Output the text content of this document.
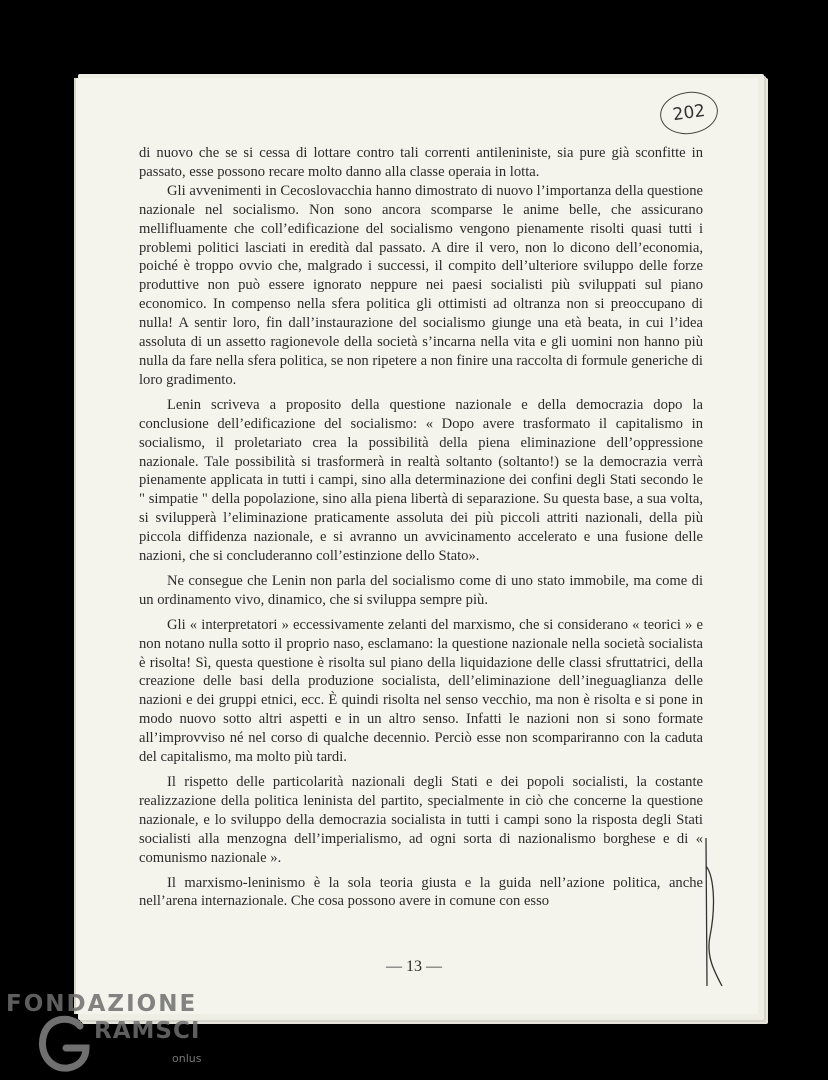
202

di nuovo che se si cessa di lottare contro tali correnti antileniniste, sia pure già sconfitte in passato, esse possono recare molto danno alla classe operaia in lotta.

Gli avvenimenti in Cecoslovacchia hanno dimostrato di nuovo l’importanza della questione nazionale nel socialismo. Non sono ancora scomparse le anime belle, che assicurano mellifluamente che coll’edificazione del socialismo vengono pienamente risolti quasi tutti i problemi politici lasciati in eredità dal passato. A dire il vero, non lo dicono dell’economia, poiché è troppo ovvio che, malgrado i successi, il compito dell’ulteriore sviluppo delle forze produttive non può essere ignorato neppure nei paesi socialisti più sviluppati sul piano economico. In compenso nella sfera politica gli ottimisti ad oltranza non si preoccupano di nulla! A sentir loro, fin dall’instaurazione del socialismo giunge una età beata, in cui l’idea assoluta di un assetto ragionevole della società s’incarna nella vita e gli uomini non hanno più nulla da fare nella sfera politica, se non ripetere a non finire una raccolta di formule generiche di loro gradimento.

Lenin scriveva a proposito della questione nazionale e della democrazia dopo la conclusione dell’edificazione del socialismo: « Dopo avere trasformato il capitalismo in socialismo, il proletariato crea la possibilità della piena eliminazione dell’oppressione nazionale. Tale possibilità si trasformerà in realtà soltanto (soltanto!) se la democrazia verrà pienamente applicata in tutti i campi, sino alla determinazione dei confini degli Stati secondo le " simpatie " della popolazione, sino alla piena libertà di separazione. Su questa base, a sua volta, si svilupperà l’eliminazione praticamente assoluta dei più piccoli attriti nazionali, della più piccola diffidenza nazionale, e si avranno un avvicinamento accelerato e una fusione delle nazioni, che si concluderanno coll’estinzione dello Stato».

Ne consegue che Lenin non parla del socialismo come di uno stato immobile, ma come di un ordinamento vivo, dinamico, che si sviluppa sempre più.

Gli « interpretatori » eccessivamente zelanti del marxismo, che si considerano « teorici » e non notano nulla sotto il proprio naso, esclamano: la questione nazionale nella società socialista è risolta! Sì, questa questione è risolta sul piano della liquidazione delle classi sfruttatrici, della creazione delle basi della produzione socialista, dell’eliminazione dell’ineguaglianza delle nazioni e dei gruppi etnici, ecc. È quindi risolta nel senso vecchio, ma non è risolta e si pone in modo nuovo sotto altri aspetti e in un altro senso. Infatti le nazioni non si sono formate all’improvviso né nel corso di qualche decennio. Perciò esse non scompariranno con la caduta del capitalismo, ma molto più tardi.

Il rispetto delle particolarità nazionali degli Stati e dei popoli socialisti, la costante realizzazione della politica leninista del partito, specialmente in ciò che concerne la questione nazionale, e lo sviluppo della democrazia socialista in tutti i campi sono la risposta degli Stati socialisti alla menzogna dell’imperialismo, ad ogni sorta di nazionalismo borghese e di « comunismo nazionale ».

Il marxismo-leninismo è la sola teoria giusta e la guida nell’azione politica, anche nell’arena internazionale. Che cosa possono avere in comune con esso

— 13 —
FONDAZIONE
RAMSCI
onlus
